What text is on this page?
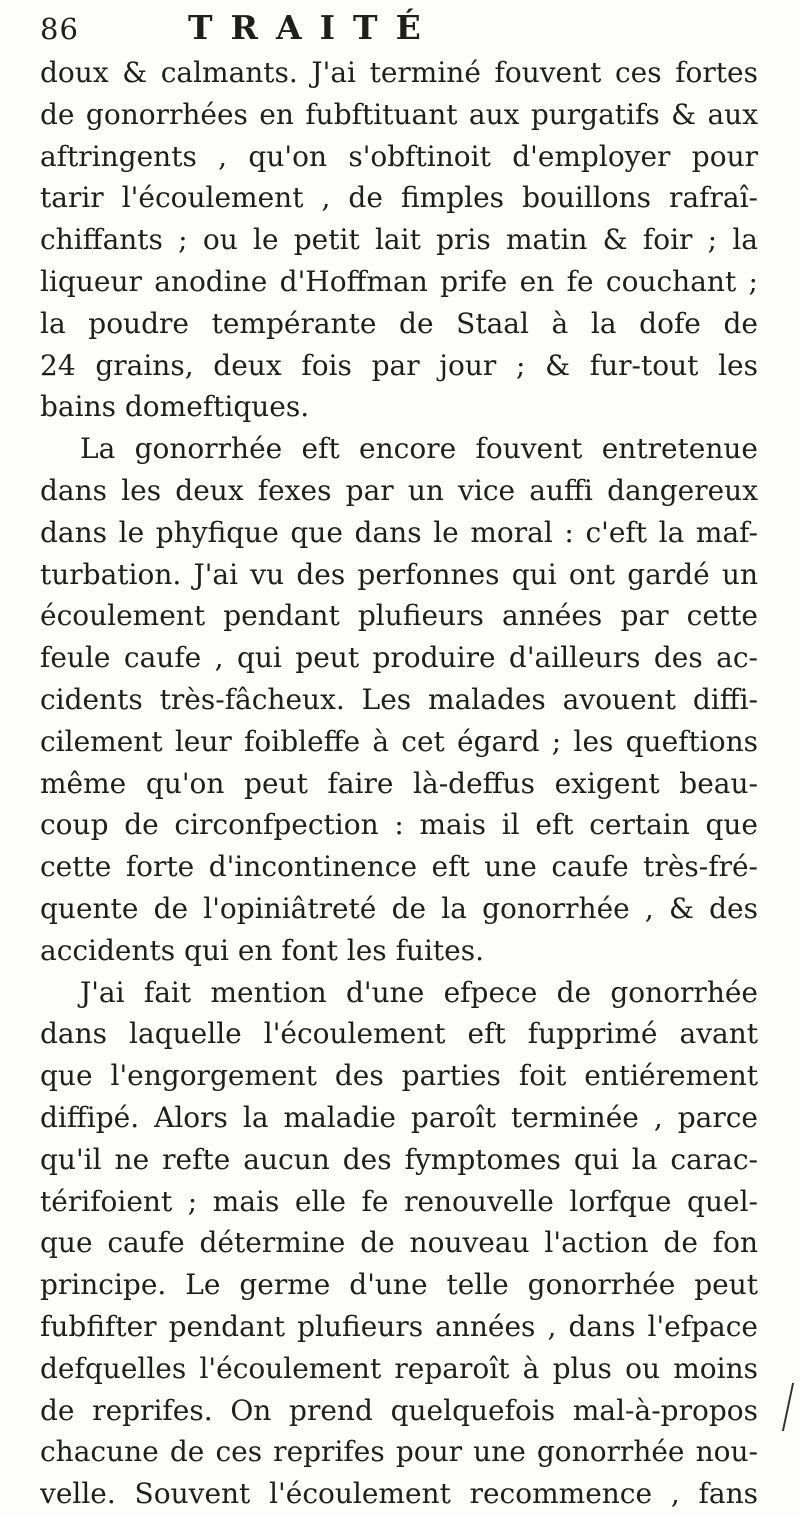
86	TRAITÉ
doux & calmants. J'ai terminé fouvent ces fortes
de gonorrhées en fubftituant aux purgatifs & aux
aftringents , qu'on s'obftinoit d'employer pour
tarir l'écoulement , de fimples bouillons rafraî-
chiffants ; ou le petit lait pris matin & foir ; la
liqueur anodine d'Hoffman prife en fe couchant ;
la poudre tempérante de Staal à la dofe de
24 grains, deux fois par jour ; & fur-tout les
bains domeftiques.
La gonorrhée eft encore fouvent entretenue
dans les deux fexes par un vice auffi dangereux
dans le phyfique que dans le moral : c'eft la maf-
turbation. J'ai vu des perfonnes qui ont gardé un
écoulement pendant plufieurs années par cette
feule caufe , qui peut produire d'ailleurs des ac-
cidents très-fâcheux. Les malades avouent diffi-
cilement leur foibleffe à cet égard ; les queftions
même qu'on peut faire là-deffus exigent beau-
coup de circonfpection : mais il eft certain que
cette forte d'incontinence eft une caufe très-fré-
quente de l'opiniâtreté de la gonorrhée , & des
accidents qui en font les fuites.
J'ai fait mention d'une efpece de gonorrhée
dans laquelle l'écoulement eft fupprimé avant
que l'engorgement des parties foit entiérement
diffipé. Alors la maladie paroît terminée , parce
qu'il ne refte aucun des fymptomes qui la carac-
térifoient ; mais elle fe renouvelle lorfque quel-
que caufe détermine de nouveau l'action de fon
principe. Le germe d'une telle gonorrhée peut
fubfifter pendant plufieurs années , dans l'efpace
defquelles l'écoulement reparoît à plus ou moins
de reprifes. On prend quelquefois mal-à-propos
chacune de ces reprifes pour une gonorrhée nou-
velle. Souvent l'écoulement recommence , fans
